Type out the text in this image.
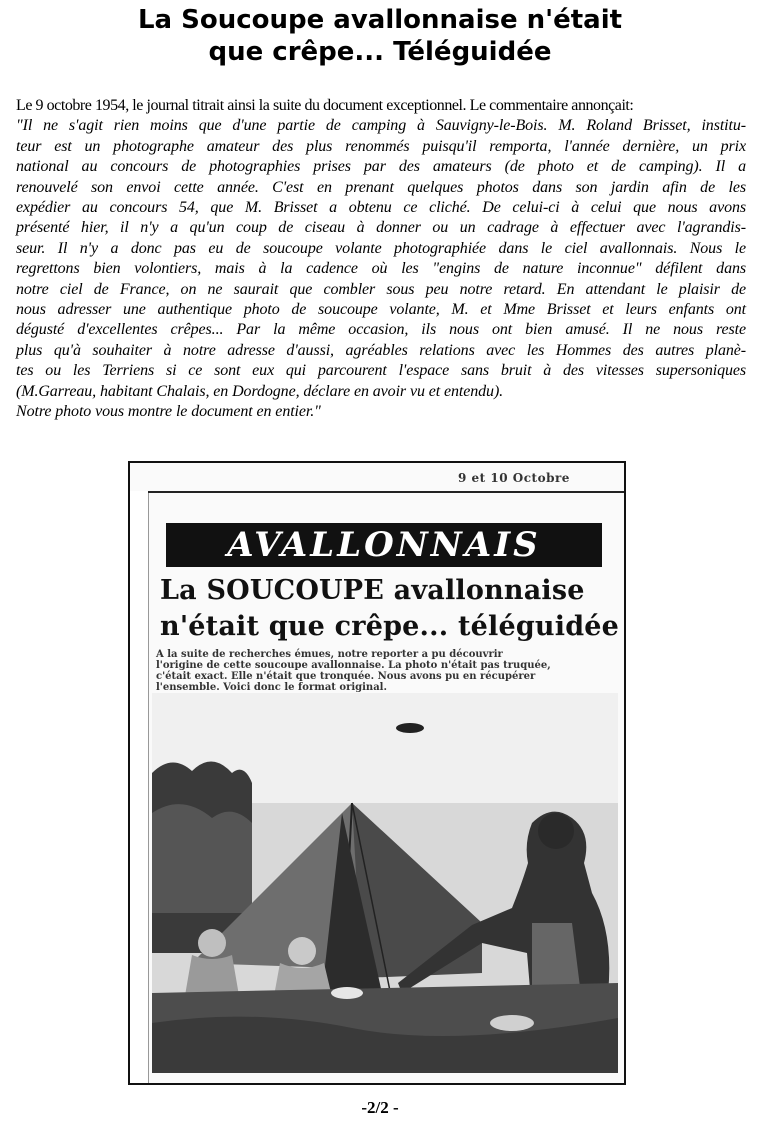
La Soucoupe avallonnaise n'était
que crêpe... Téléguidée
Le 9 octobre 1954, le journal titrait ainsi la suite du document exceptionnel. Le commentaire annonçait:
"Il ne s'agit rien moins que d'une partie de camping à Sauvigny-le-Bois. M. Roland Brisset, institu-
teur est un photographe amateur des plus renommés puisqu'il remporta, l'année dernière, un prix
national au concours de photographies prises par des amateurs (de photo et de camping). Il a
renouvelé son envoi cette année. C'est en prenant quelques photos dans son jardin afin de les
expédier au concours 54, que M. Brisset a obtenu ce cliché. De celui-ci à celui que nous avons
présenté hier, il n'y a qu'un coup de ciseau à donner ou un cadrage à effectuer avec l'agrandis-
seur. Il n'y a donc pas eu de soucoupe volante photographiée dans le ciel avallonnais. Nous le
regrettons bien volontiers, mais à la cadence où les "engins de nature inconnue" défilent dans
notre ciel de France, on ne saurait que combler sous peu notre retard. En attendant le plaisir de
nous adresser une authentique photo de soucoupe volante, M. et Mme Brisset et leurs enfants ont
dégusté d'excellentes crêpes... Par la même occasion, ils nous ont bien amusé. Il ne nous reste
plus qu'à souhaiter à notre adresse d'aussi, agréables relations avec les Hommes des autres planè-
tes ou les Terriens si ce sont eux qui parcourent l'espace sans bruit à des vitesses supersoniques
(M.Garreau, habitant Chalais, en Dordogne, déclare en avoir vu et entendu).
Notre photo vous montre le document en entier."
9 et 10 Octobre
AVALLONNAIS
La SOUCOUPE avallonnaise
n'était que crêpe... téléguidée
A la suite de recherches émues, notre reporter a pu découvrir
l'origine de cette soucoupe avallonnaise. La photo n'était pas truquée,
c'était exact. Elle n'était que tronquée. Nous avons pu en récupérer
l'ensemble. Voici donc le format original.
-2/2 -
